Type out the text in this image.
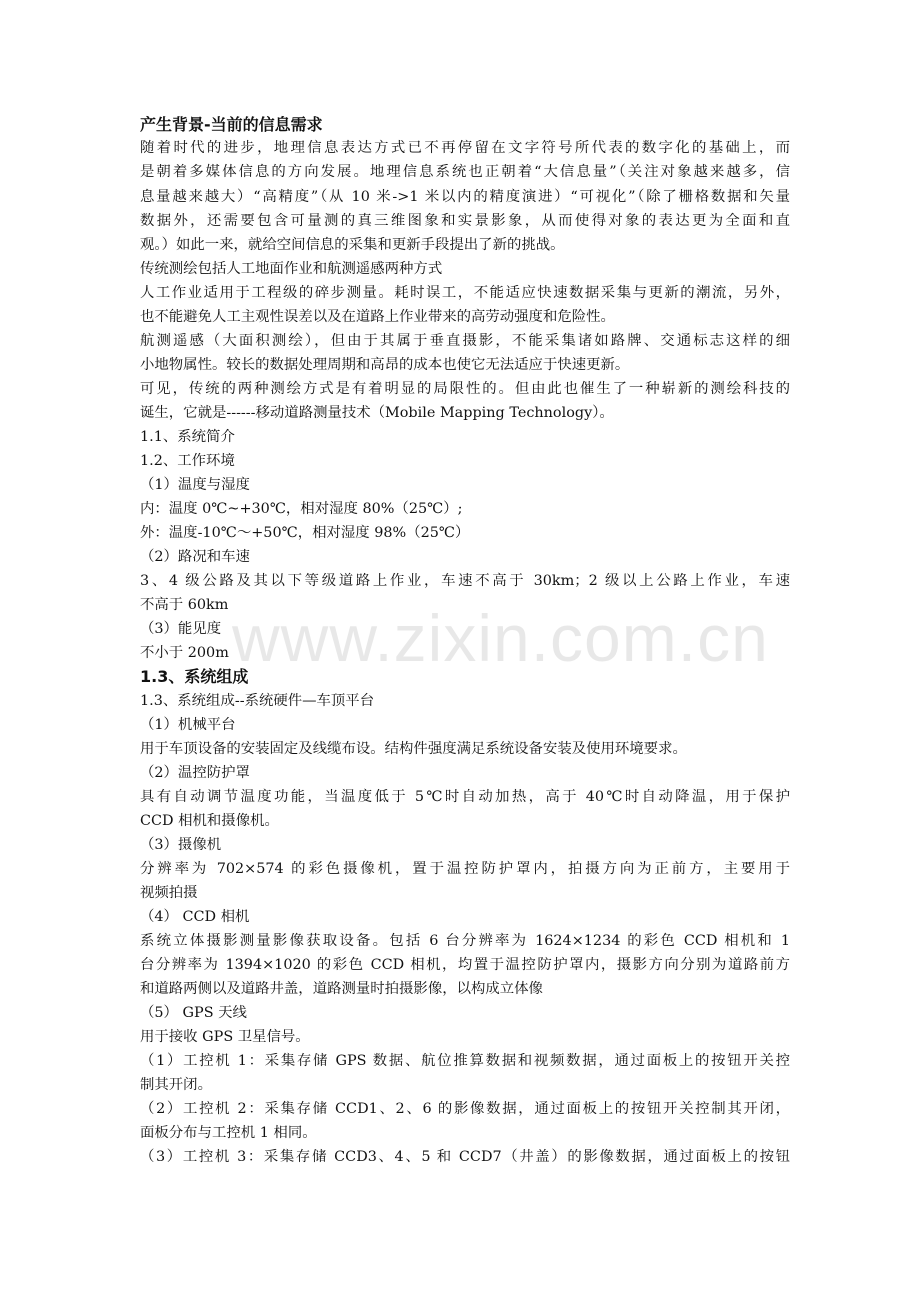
产生背景-当前的信息需求
随着时代的进步，地理信息表达方式已不再停留在文字符号所代表的数字化的基础上，而
是朝着多媒体信息的方向发展。地理信息系统也正朝着“大信息量”（关注对象越来越多，信
息量越来越大）“高精度”（从 10 米->1 米以内的精度演进）“可视化”（除了栅格数据和矢量
数据外，还需要包含可量测的真三维图象和实景影象，从而使得对象的表达更为全面和直
观。）如此一来，就给空间信息的采集和更新手段提出了新的挑战。
传统测绘包括人工地面作业和航测遥感两种方式
人工作业适用于工程级的碎步测量。耗时误工，不能适应快速数据采集与更新的潮流，另外，
也不能避免人工主观性误差以及在道路上作业带来的高劳动强度和危险性。
航测遥感（大面积测绘），但由于其属于垂直摄影，不能采集诸如路牌、交通标志这样的细
小地物属性。较长的数据处理周期和高昂的成本也使它无法适应于快速更新。
可见，传统的两种测绘方式是有着明显的局限性的。但由此也催生了一种崭新的测绘科技的
诞生，它就是------移动道路测量技术（Mobile Mapping Technology）。
1.1、系统简介
1.2、工作环境
（1）温度与湿度
内：温度 0℃~+30℃，相对湿度 80%（25℃）;
外：温度-10℃～+50℃，相对湿度 98%（25℃）
（2）路况和车速
3、4 级公路及其以下等级道路上作业，车速不高于 30km；2 级以上公路上作业，车速
不高于 60km
（3）能见度
不小于 200m
1.3、系统组成
1.3、系统组成--系统硬件—车顶平台
（1）机械平台
用于车顶设备的安装固定及线缆布设。结构件强度满足系统设备安装及使用环境要求。
（2）温控防护罩
具有自动调节温度功能，当温度低于 5℃时自动加热，高于 40℃时自动降温，用于保护
CCD 相机和摄像机。
（3）摄像机
分辨率为 702×574 的彩色摄像机，置于温控防护罩内，拍摄方向为正前方，主要用于
视频拍摄
（4） CCD 相机
系统立体摄影测量影像获取设备。包括 6 台分辨率为 1624×1234 的彩色 CCD 相机和 1
台分辨率为 1394×1020 的彩色 CCD 相机，均置于温控防护罩内，摄影方向分别为道路前方
和道路两侧以及道路井盖，道路测量时拍摄影像，以构成立体像
（5） GPS 天线
用于接收 GPS 卫星信号。
（1）工控机 1：采集存储 GPS 数据、航位推算数据和视频数据，通过面板上的按钮开关控
制其开闭。
（2）工控机 2：采集存储 CCD1、2、6 的影像数据，通过面板上的按钮开关控制其开闭，
面板分布与工控机 1 相同。
（3）工控机 3：采集存储 CCD3、4、5 和 CCD7（井盖）的影像数据，通过面板上的按钮
www.zixin.com.cn
